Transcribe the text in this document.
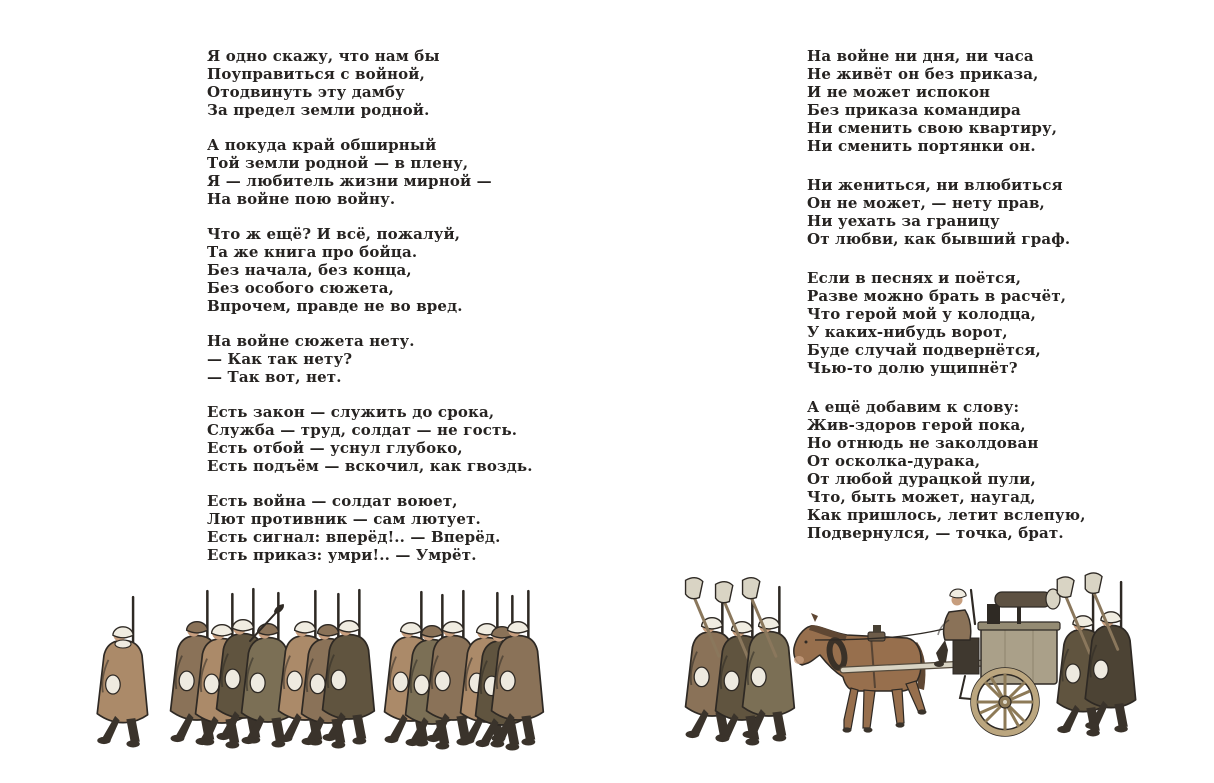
Я одно скажу, что нам бы
Поуправиться с войной,
Отодвинуть эту дамбу
За предел земли родной.
А покуда край обширный
Той земли родной — в плену,
Я — любитель жизни мирной —
На войне пою войну.
Что ж ещё? И всё, пожалуй,
Та же книга про бойца.
Без начала, без конца,
Без особого сюжета,
Впрочем, правде не во вред.
На войне сюжета нету.
— Как так нету?
— Так вот, нет.
Есть закон — служить до срока,
Служба — труд, солдат — не гость.
Есть отбой — уснул глубоко,
Есть подъём — вскочил, как гвоздь.
Есть война — солдат воюет,
Лют противник — сам лютует.
Есть сигнал: вперёд!.. — Вперёд.
Есть приказ: умри!.. — Умрёт.
На войне ни дня, ни часа
Не живёт он без приказа,
И не может испокон
Без приказа командира
Ни сменить свою квартиру,
Ни сменить портянки он.
Ни жениться, ни влюбиться
Он не может, — нету прав,
Ни уехать за границу
От любви, как бывший граф.
Если в песнях и поётся,
Разве можно брать в расчёт,
Что герой мой у колодца,
У каких-нибудь ворот,
Буде случай подвернётся,
Чью-то долю ущипнёт?
А ещё добавим к слову:
Жив-здоров герой пока,
Но отнюдь не заколдован
От осколка-дурака,
От любой дурацкой пули,
Что, быть может, наугад,
Как пришлось, летит вслепую,
Подвернулся, — точка, брат.
